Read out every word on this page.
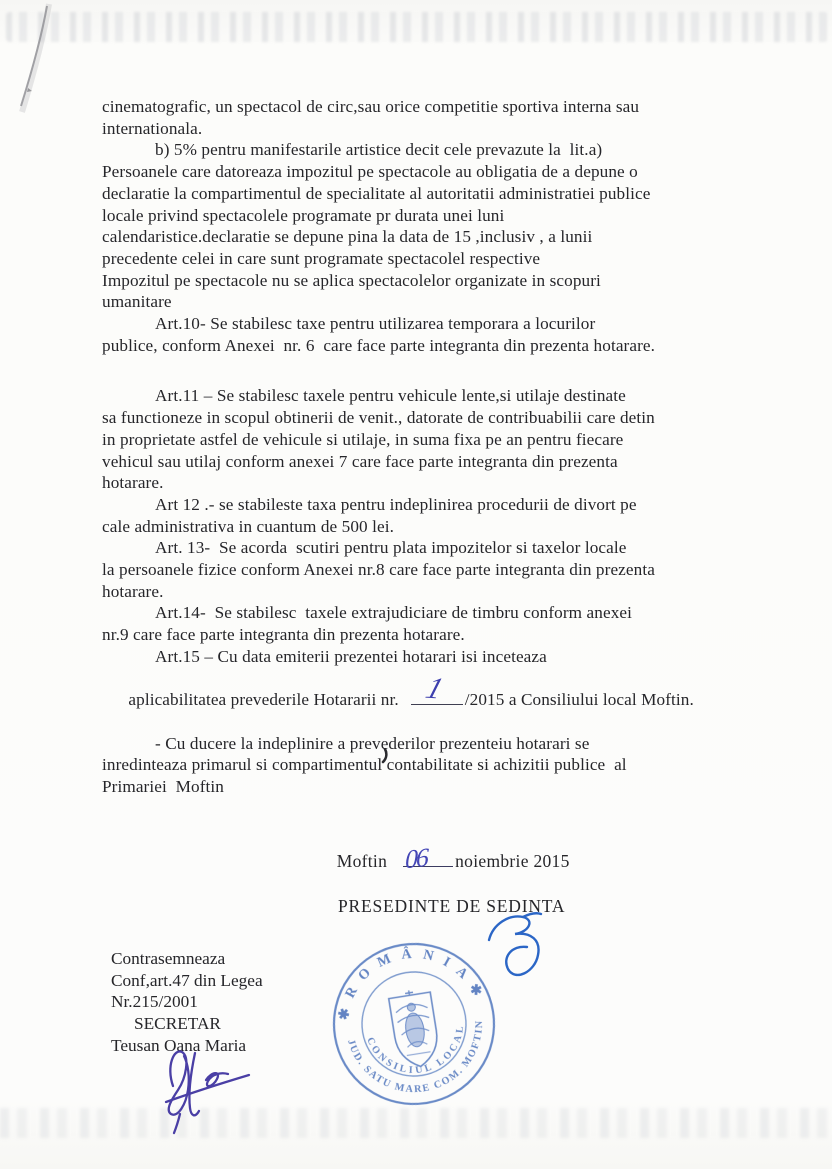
cinematografic, un spectacol de circ,sau orice competitie sportiva interna sau
internationala.
b) 5% pentru manifestarile artistice decit cele prevazute la  lit.a)
Persoanele care datoreaza impozitul pe spectacole au obligatia de a depune o
declaratie la compartimentul de specialitate al autoritatii administratiei publice
locale privind spectacolele programate pr durata unei luni
calendaristice.declaratie se depune pina la data de 15 ,inclusiv , a lunii
precedente celei in care sunt programate spectacolel respective
Impozitul pe spectacole nu se aplica spectacolelor organizate in scopuri
umanitare
Art.10- Se stabilesc taxe pentru utilizarea temporara a locurilor
publice, conform Anexei  nr. 6  care face parte integranta din prezenta hotarare.
Art.11 – Se stabilesc taxele pentru vehicule lente,si utilaje destinate
sa functioneze in scopul obtinerii de venit., datorate de contribuabilii care detin
in proprietate astfel de vehicule si utilaje, in suma fixa pe an pentru fiecare
vehicul sau utilaj conform anexei 7 care face parte integranta din prezenta
hotarare.
Art 12 .- se stabileste taxa pentru indeplinirea procedurii de divort pe
cale administrativa in cuantum de 500 lei.
Art. 13-  Se acorda  scutiri pentru plata impozitelor si taxelor locale
la persoanele fizice conform Anexei nr.8 care face parte integranta din prezenta
hotarare.
Art.14-  Se stabilesc  taxele extrajudiciare de timbru conform anexei
nr.9 care face parte integranta din prezenta hotarare.
Art.15 – Cu data emiterii prezentei hotarari isi inceteaza

aplicabilitatea prevederile Hotararii nr. 1 /2015 a Consiliului local Moftin.

- Cu ducere la indeplinire a prevederilor prezenteiu hotarari se
inredinteaza primarul si compartimentul contabilitate si achizitii publice  al
Primariei  Moftin

Moftin 06 noiembrie 2015

PRESEDINTE DE SEDINTA
Contrasemneaza
Conf,art.47 din Legea
Nr.215/2001
SECRETAR
Teusan Oana Maria
✱ R O M Â N I A ✱
JUD. SATU MARE COM. MOFTIN
CONSILIUL LOCAL
